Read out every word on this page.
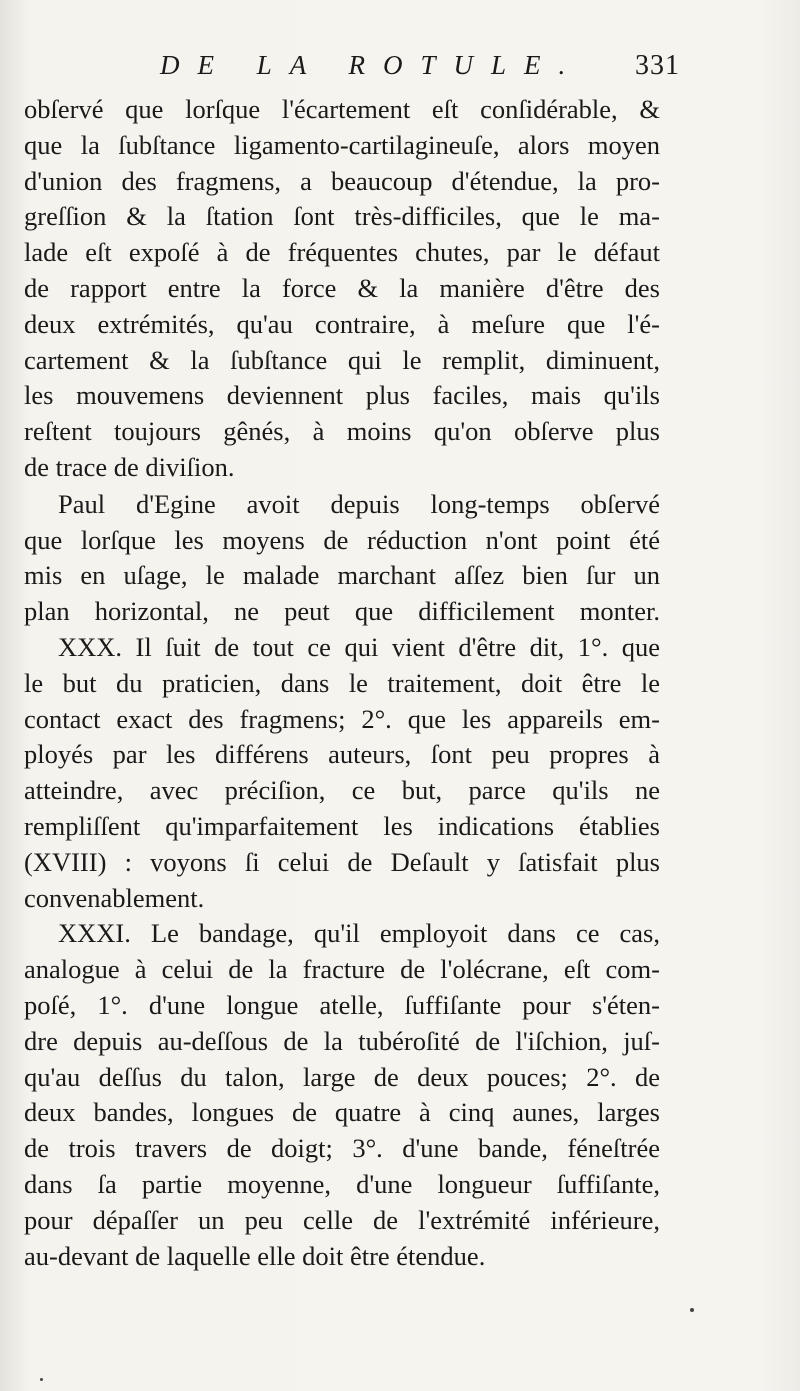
DE LA ROTULE. 331
obſervé que lorſque l'écartement eſt conſidérable, &
que la ſubſtance ligamento-cartilagineuſe, alors moyen
d'union des fragmens, a beaucoup d'étendue, la pro-
greſſion & la ſtation ſont très-difficiles, que le ma-
lade eſt expoſé à de fréquentes chutes, par le défaut
de rapport entre la force & la manière d'être des
deux extrémités, qu'au contraire, à meſure que l'é-
cartement & la ſubſtance qui le remplit, diminuent,
les mouvemens deviennent plus faciles, mais qu'ils
reſtent toujours gênés, à moins qu'on obſerve plus
de trace de diviſion.
Paul d'Egine avoit depuis long-temps obſervé
que lorſque les moyens de réduction n'ont point été
mis en uſage, le malade marchant aſſez bien ſur un
plan horizontal, ne peut que difficilement monter.
XXX. Il ſuit de tout ce qui vient d'être dit, 1°. que
le but du praticien, dans le traitement, doit être le
contact exact des fragmens; 2°. que les appareils em-
ployés par les différens auteurs, ſont peu propres à
atteindre, avec préciſion, ce but, parce qu'ils ne
rempliſſent qu'imparfaitement les indications établies
(XVIII) : voyons ſi celui de Deſault y ſatisfait plus
convenablement.
XXXI. Le bandage, qu'il employoit dans ce cas,
analogue à celui de la fracture de l'olécrane, eſt com-
poſé, 1°. d'une longue atelle, ſuffiſante pour s'éten-
dre depuis au-deſſous de la tubéroſité de l'iſchion, juſ-
qu'au deſſus du talon, large de deux pouces; 2°. de
deux bandes, longues de quatre à cinq aunes, larges
de trois travers de doigt; 3°. d'une bande, féneſtrée
dans ſa partie moyenne, d'une longueur ſuffiſante,
pour dépaſſer un peu celle de l'extrémité inférieure,
au-devant de laquelle elle doit être étendue.
